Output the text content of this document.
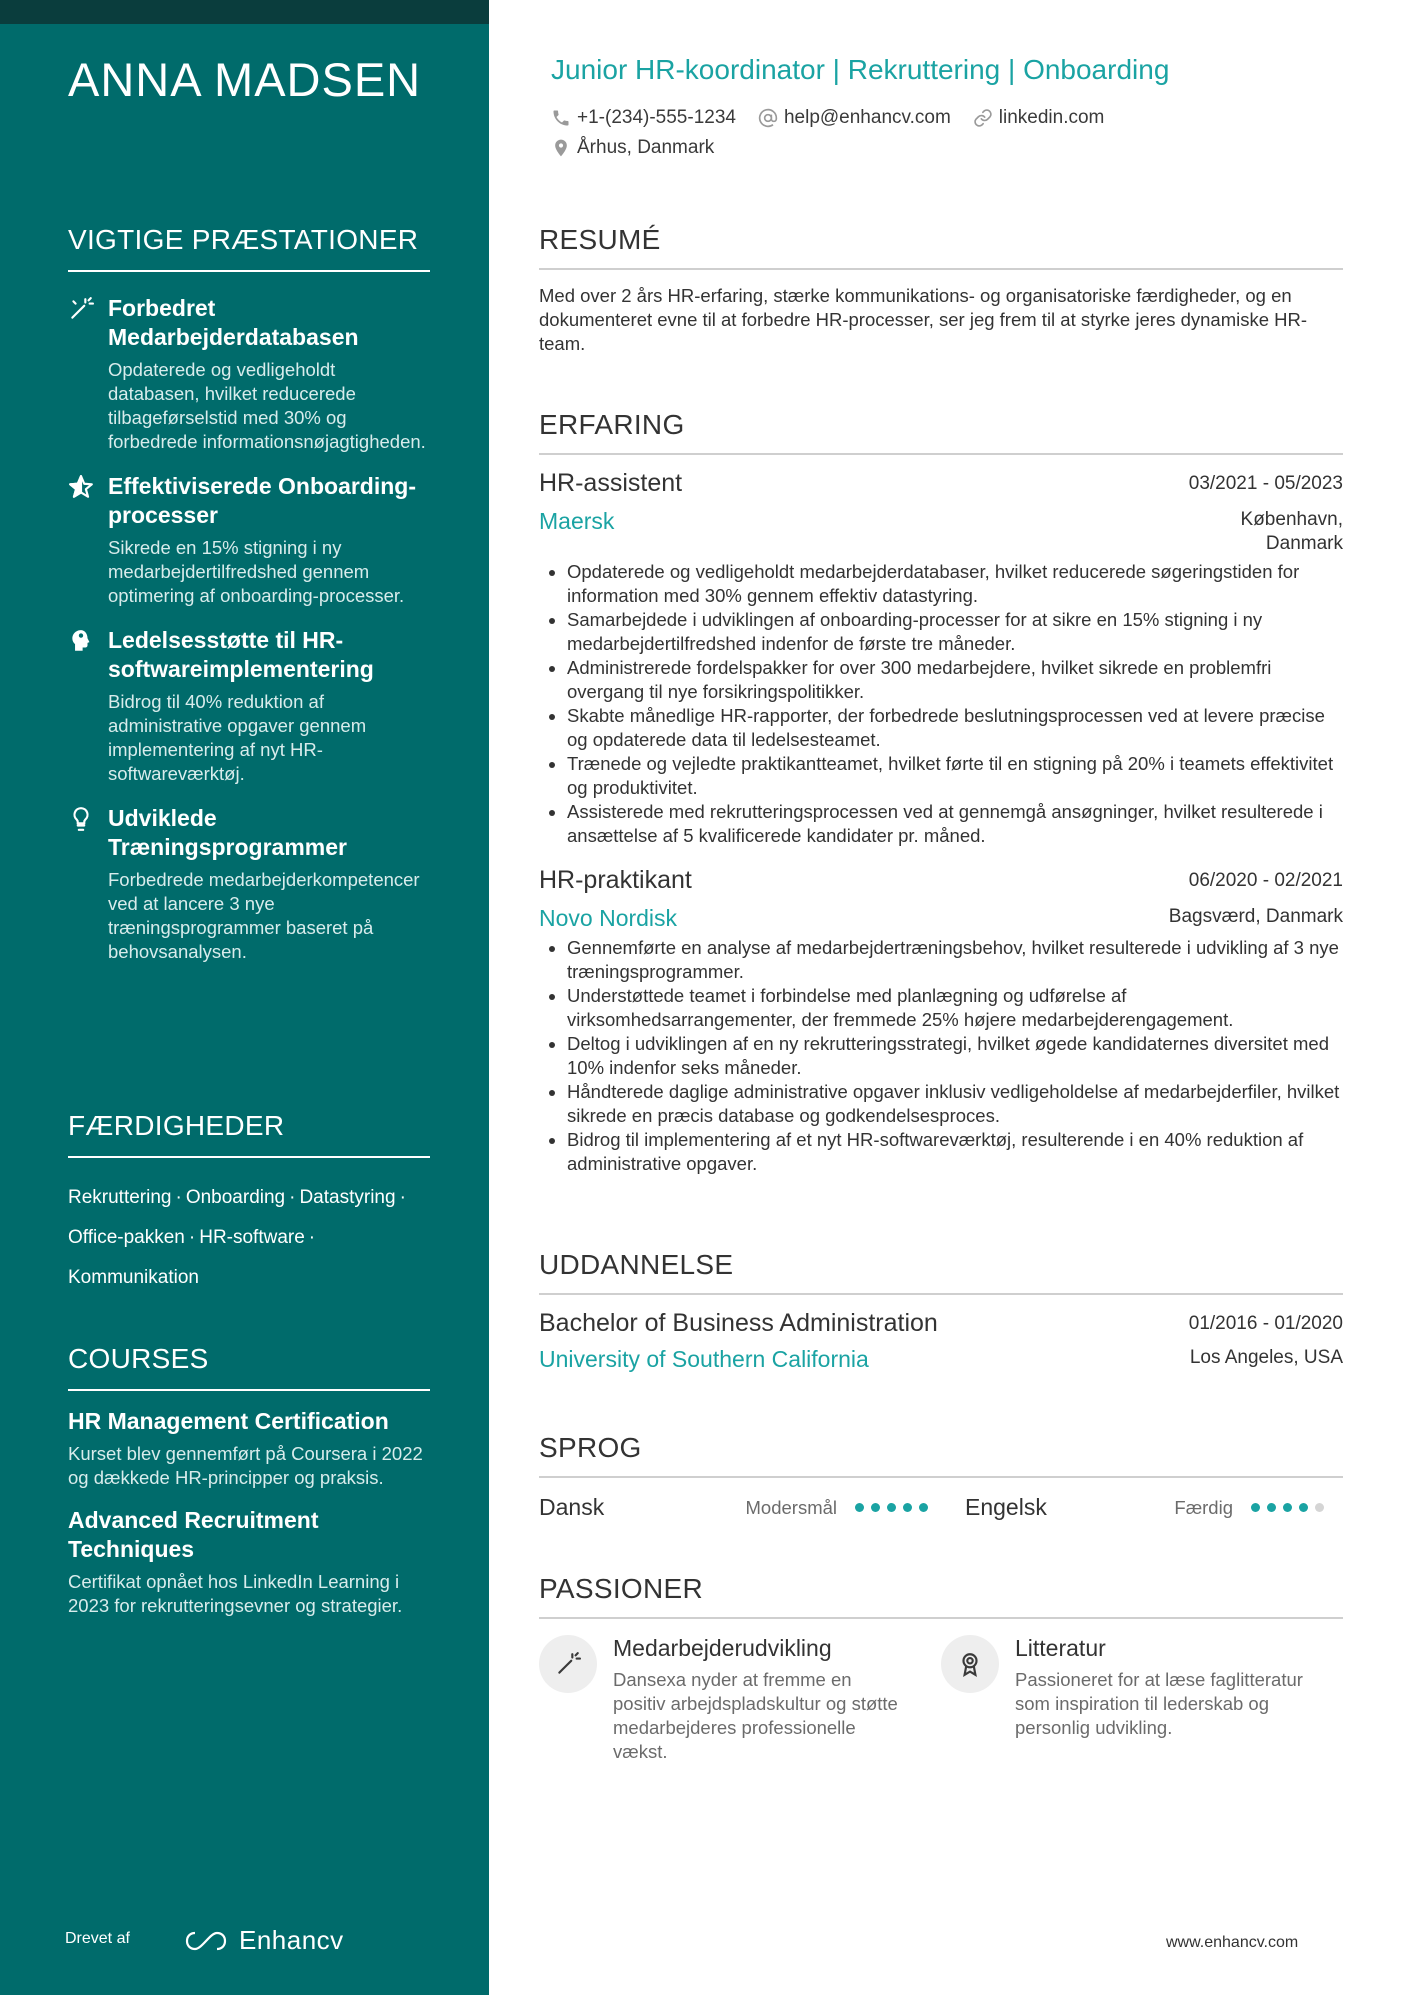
ANNA MADSEN
VIGTIGE PRÆSTATIONER
Forbedret Medarbejderdatabasen

Opdaterede og vedligeholdt databasen, hvilket reducerede tilbageførselstid med 30% og forbedrede informationsnøjagtigheden.

Effektiviserede Onboarding-processer

Sikrede en 15% stigning i ny medarbejdertilfredshed gennem optimering af onboarding-processer.

Ledelsesstøtte til HR-softwareimplementering

Bidrog til 40% reduktion af administrative opgaver gennem implementering af nyt HR-softwareværktøj.

Udviklede Træningsprogrammer

Forbedrede medarbejderkompetencer ved at lancere 3 nye træningsprogrammer baseret på behovsanalysen.

FÆRDIGHEDER
Rekruttering · Onboarding · Datastyring ·
Office-pakken · HR-software ·
Kommunikation
COURSES
HR Management Certification

Kurset blev gennemført på Coursera i 2022 og dækkede HR-principper og praksis.

Advanced Recruitment Techniques

Certifikat opnået hos LinkedIn Learning i 2023 for rekrutteringsevner og strategier.

Drevet af	Enhancv
Junior HR-koordinator | Rekruttering | Onboarding
+1-(234)-555-1234	help@enhancv.com	linkedin.com
Århus, Danmark
RESUMÉ

Med over 2 års HR-erfaring, stærke kommunikations- og organisatoriske færdigheder, og en dokumenteret evne til at forbedre HR-processer, ser jeg frem til at styrke jeres dynamiske HR-team.

ERFARING
HR-assistent	03/2021 - 05/2023
Maersk	København,
Danmark
• Opdaterede og vedligeholdt medarbejderdatabaser, hvilket reducerede søgeringstiden for information med 30% gennem effektiv datastyring.
• Samarbejdede i udviklingen af onboarding-processer for at sikre en 15% stigning i ny medarbejdertilfredshed indenfor de første tre måneder.
• Administrerede fordelspakker for over 300 medarbejdere, hvilket sikrede en problemfri overgang til nye forsikringspolitikker.
• Skabte månedlige HR-rapporter, der forbedrede beslutningsprocessen ved at levere præcise og opdaterede data til ledelsesteamet.
• Trænede og vejledte praktikantteamet, hvilket førte til en stigning på 20% i teamets effektivitet og produktivitet.
• Assisterede med rekrutteringsprocessen ved at gennemgå ansøgninger, hvilket resulterede i ansættelse af 5 kvalificerede kandidater pr. måned.
HR-praktikant	06/2020 - 02/2021
Novo Nordisk	Bagsværd, Danmark
• Gennemførte en analyse af medarbejdertræningsbehov, hvilket resulterede i udvikling af 3 nye træningsprogrammer.
• Understøttede teamet i forbindelse med planlægning og udførelse af virksomhedsarrangementer, der fremmede 25% højere medarbejderengagement.
• Deltog i udviklingen af en ny rekrutteringsstrategi, hvilket øgede kandidaternes diversitet med 10% indenfor seks måneder.
• Håndterede daglige administrative opgaver inklusiv vedligeholdelse af medarbejderfiler, hvilket sikrede en præcis database og godkendelsesproces.
• Bidrog til implementering af et nyt HR-softwareværktøj, resulterende i en 40% reduktion af administrative opgaver.
UDDANNELSE
Bachelor of Business Administration	01/2016 - 01/2020
University of Southern California	Los Angeles, USA
SPROG
Dansk	Modersmål	Engelsk	Færdig
PASSIONER
Medarbejderudvikling

Dansexa nyder at fremme en positiv arbejdspladskultur og støtte medarbejderes professionelle vækst.

Litteratur

Passioneret for at læse faglitteratur som inspiration til lederskab og personlig udvikling.

www.enhancv.com
